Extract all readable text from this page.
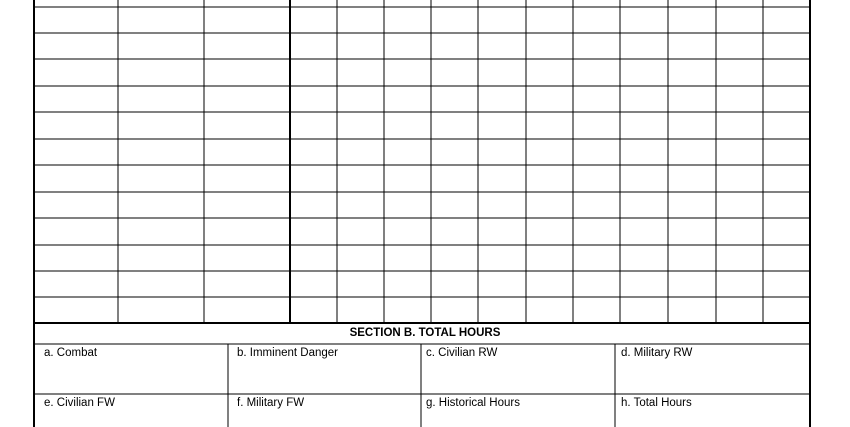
SECTION B. TOTAL HOURS
a. Combat	b. Imminent Danger	c. Civilian RW	d. Military RW
e. Civilian FW	f. Military FW	g. Historical Hours	h. Total Hours
